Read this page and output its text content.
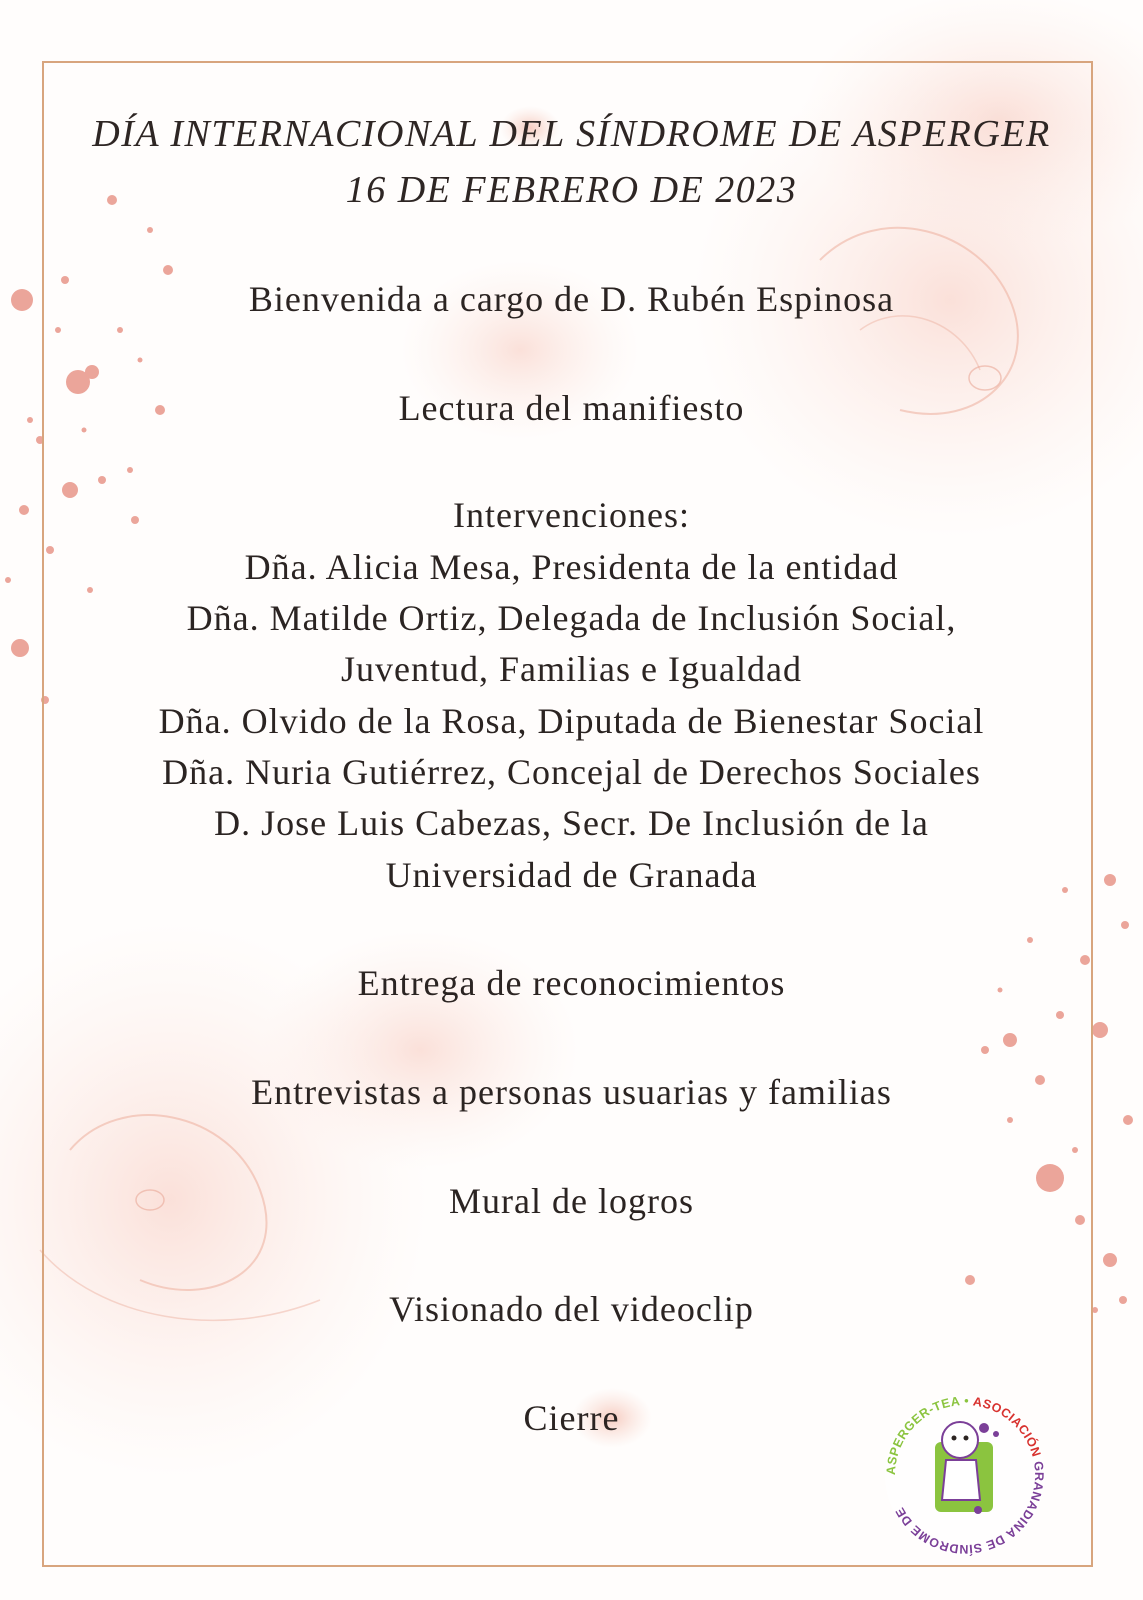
DÍA INTERNACIONAL DEL SÍNDROME DE ASPERGER
16 DE FEBRERO DE 2023
Bienvenida a cargo de D. Rubén Espinosa
Lectura del manifiesto
Intervenciones:
Dña. Alicia Mesa, Presidenta de la entidad
Dña. Matilde Ortiz, Delegada de Inclusión Social,
Juventud, Familias e Igualdad
Dña. Olvido de la Rosa, Diputada de Bienestar Social
Dña. Nuria Gutiérrez, Concejal de Derechos Sociales
D. Jose Luis Cabezas, Secr. De Inclusión de la
Universidad de Granada
Entrega de reconocimientos
Entrevistas a personas usuarias y familias
Mural de logros
Visionado del videoclip
Cierre
ASPERGER-TEA • ASOCIACIÓN GRANADINA DE SÍNDROME DE
